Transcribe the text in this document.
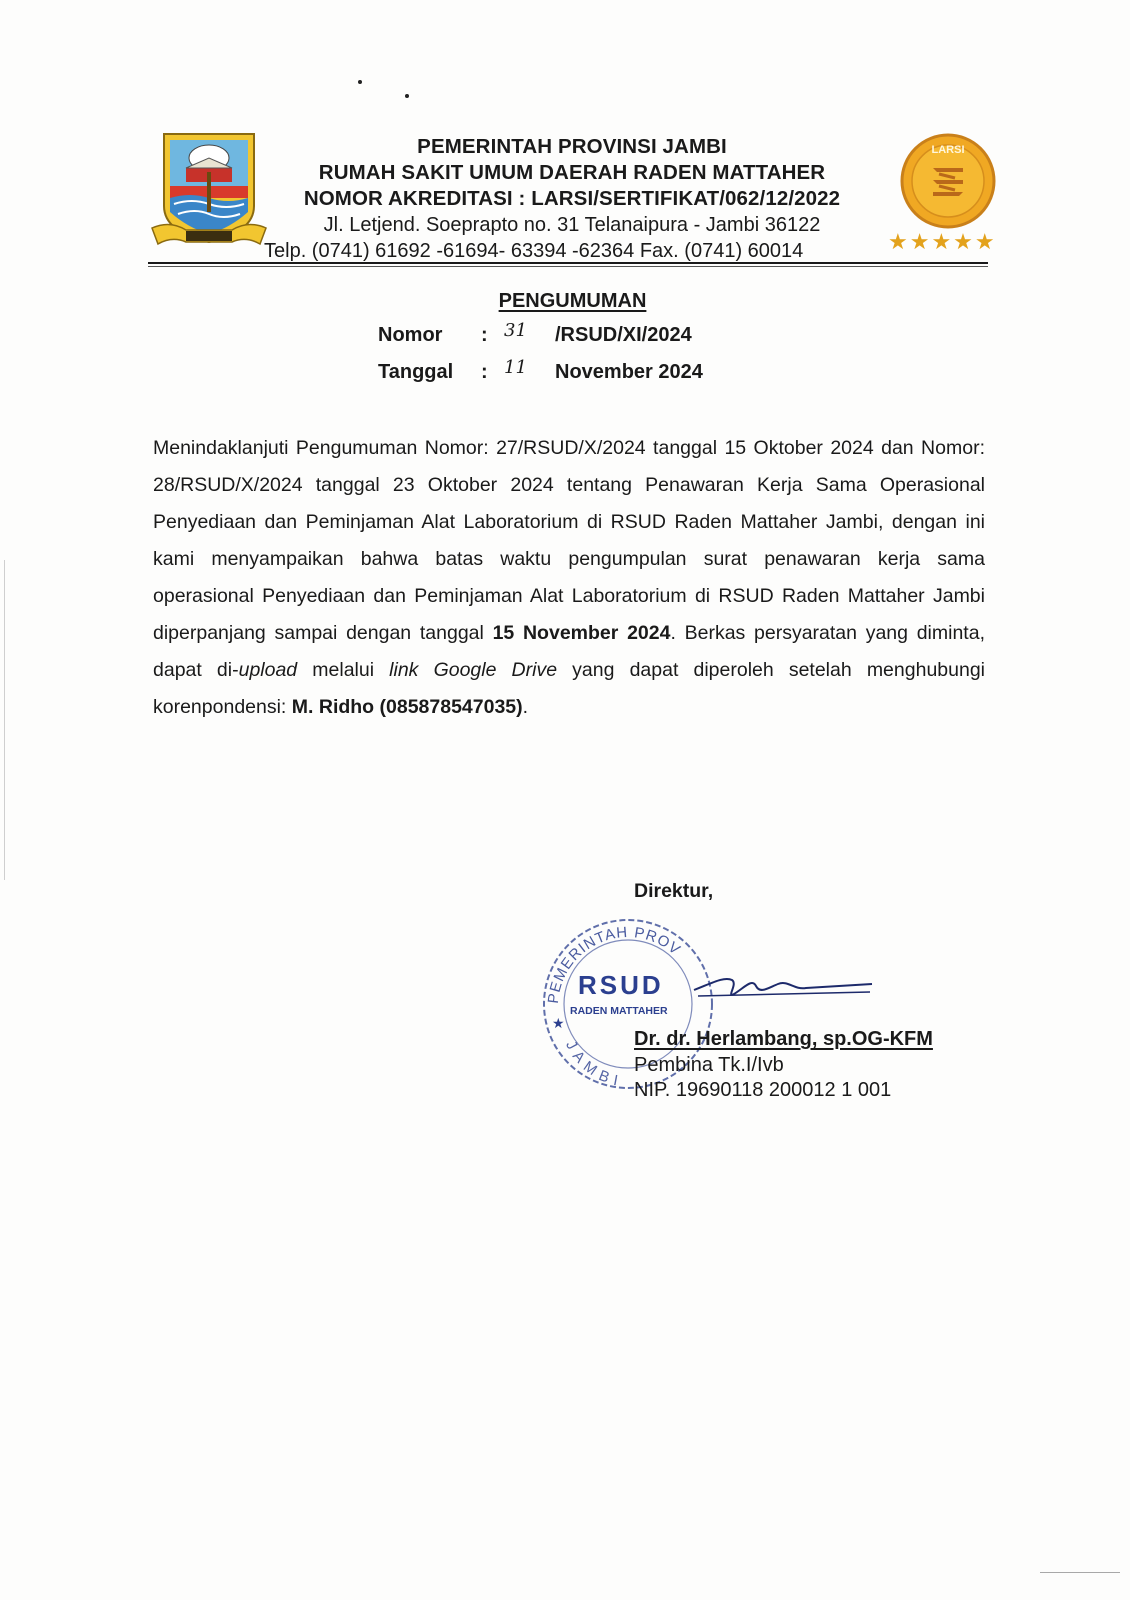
PEMERINTAH PROVINSI JAMBI
RUMAH SAKIT UMUM DAERAH RADEN MATTAHER
NOMOR AKREDITASI : LARSI/SERTIFIKAT/062/12/2022
Jl. Letjend. Soeprapto no. 31 Telanaipura - Jambi 36122
Telp. (0741) 61692 -61694- 63394 -62364 Fax. (0741) 60014
LARSI
★★★★★
PENGUMUMAN
Nomor	: 31 /RSUD/XI/2024
Tanggal	: 11 November 2024
Menindaklanjuti Pengumuman Nomor: 27/RSUD/X/2024 tanggal 15 Oktober 2024 dan Nomor: 28/RSUD/X/2024 tanggal 23 Oktober 2024 tentang Penawaran Kerja Sama Operasional Penyediaan dan Peminjaman Alat Laboratorium di RSUD Raden Mattaher Jambi, dengan ini kami menyampaikan bahwa batas waktu pengumpulan surat penawaran kerja sama operasional Penyediaan dan Peminjaman Alat Laboratorium di RSUD Raden Mattaher Jambi diperpanjang sampai dengan tanggal 15 November 2024. Berkas persyaratan yang diminta, dapat di-upload melalui link Google Drive yang dapat diperoleh setelah menghubungi korenpondensi: M. Ridho (085878547035).
Direktur,
PEMERINTAH PROV
RSUD
RADEN MATTAHER
JAMBI
★
Dr. dr. Herlambang, sp.OG-KFM
Pembina Tk.I/Ivb
NIP. 19690118 200012 1 001
